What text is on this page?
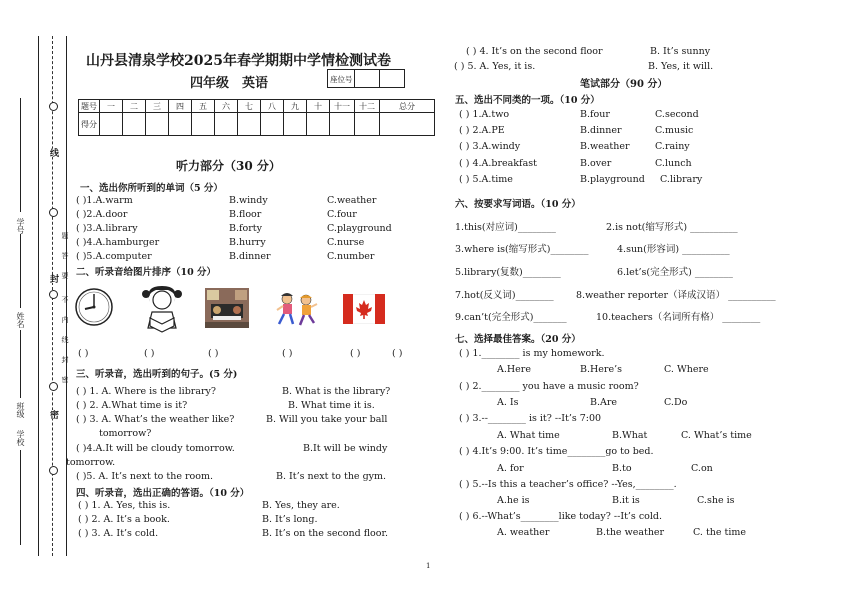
学号
姓名
班级
学校
线
封
密
题
答
要
不
内
线
封
密
山丹县清泉学校2025年春学期期中学情检测试卷
四年级 英语	座位号
题号	一	二	三	四	五	六	七	八	九	十	十一	十二	总分
得分													
听力部分（30 分）
一、选出你所听到的单词（5 分）
( )1.A.warm	B.windy	C.weather
( )2.A.door	B.floor	C.four
( )3.A.library	B.forty	C.playground
( )4.A.hamburger	B.hurry	C.nurse
( )5.A.computer	B.dinner	C.number
二、听录音给图片排序（10 分）
( )	( )	( )	( )	( )	( )
三、听录音，选出听到的句子。(5 分)
( ) 1. A. Where is the library?	B. What is the library?
( ) 2. A.What time is it?	B. What time it is.
( ) 3. A. What’s the weather like?	B. Will you take your ball
tomorrow?
( )4.A.It will be cloudy tomorrow.	B.It will be windy
tomorrow.
( )5. A. It’s next to the room.	B. It’s next to the gym.
四、听录音，选出正确的答语。（10 分）
( ) 1. A. Yes, this is.	B. Yes, they are.
( ) 2. A. It’s a book.	B. It’s long.
( ) 3. A. It’s cold.	B. It’s on the second floor.
( ) 4. It’s on the second floor	B. It’s sunny
( ) 5. A. Yes, it is.	B. Yes, it will.
笔试部分（90 分）
五、选出不同类的一项。（10 分）
( ) 1.A.two	B.four	C.second
( ) 2.A.PE	B.dinner	C.music
( ) 3.A.windy	B.weather	C.rainy
( ) 4.A.breakfast	B.over	C.lunch
( ) 5.A.time	B.playground C.library
六、按要求写词语。（10 分）
1.this(对应词)________	2.is not(缩写形式) __________
3.where is(缩写形式)________	4.sun(形容词) __________
5.library(复数)________	6.let’s(完全形式) ________
7.hot(反义词)________ 8.weather reporter（译成汉语） __________
9.can’t(完全形式)_______	10.teachers（名词所有格） ________
七、选择最佳答案。（20 分）
( ) 1.________ is my homework.
A.Here	B.Here’s	C. Where
( ) 2.________ you have a music room?
A. Is	B.Are	C.Do
( ) 3.--________ is it? --It’s 7:00
A. What time	B.What	C. What’s time
( ) 4.It’s 9:00. It’s time________go to bed.
A. for	B.to	C.on
( ) 5.--Is this a teacher’s office? --Yes,________.
A.he is	B.it is	C.she is
( ) 6.--What’s________like today? --It’s cold.
A. weather	B.the weather	C. the time
1
